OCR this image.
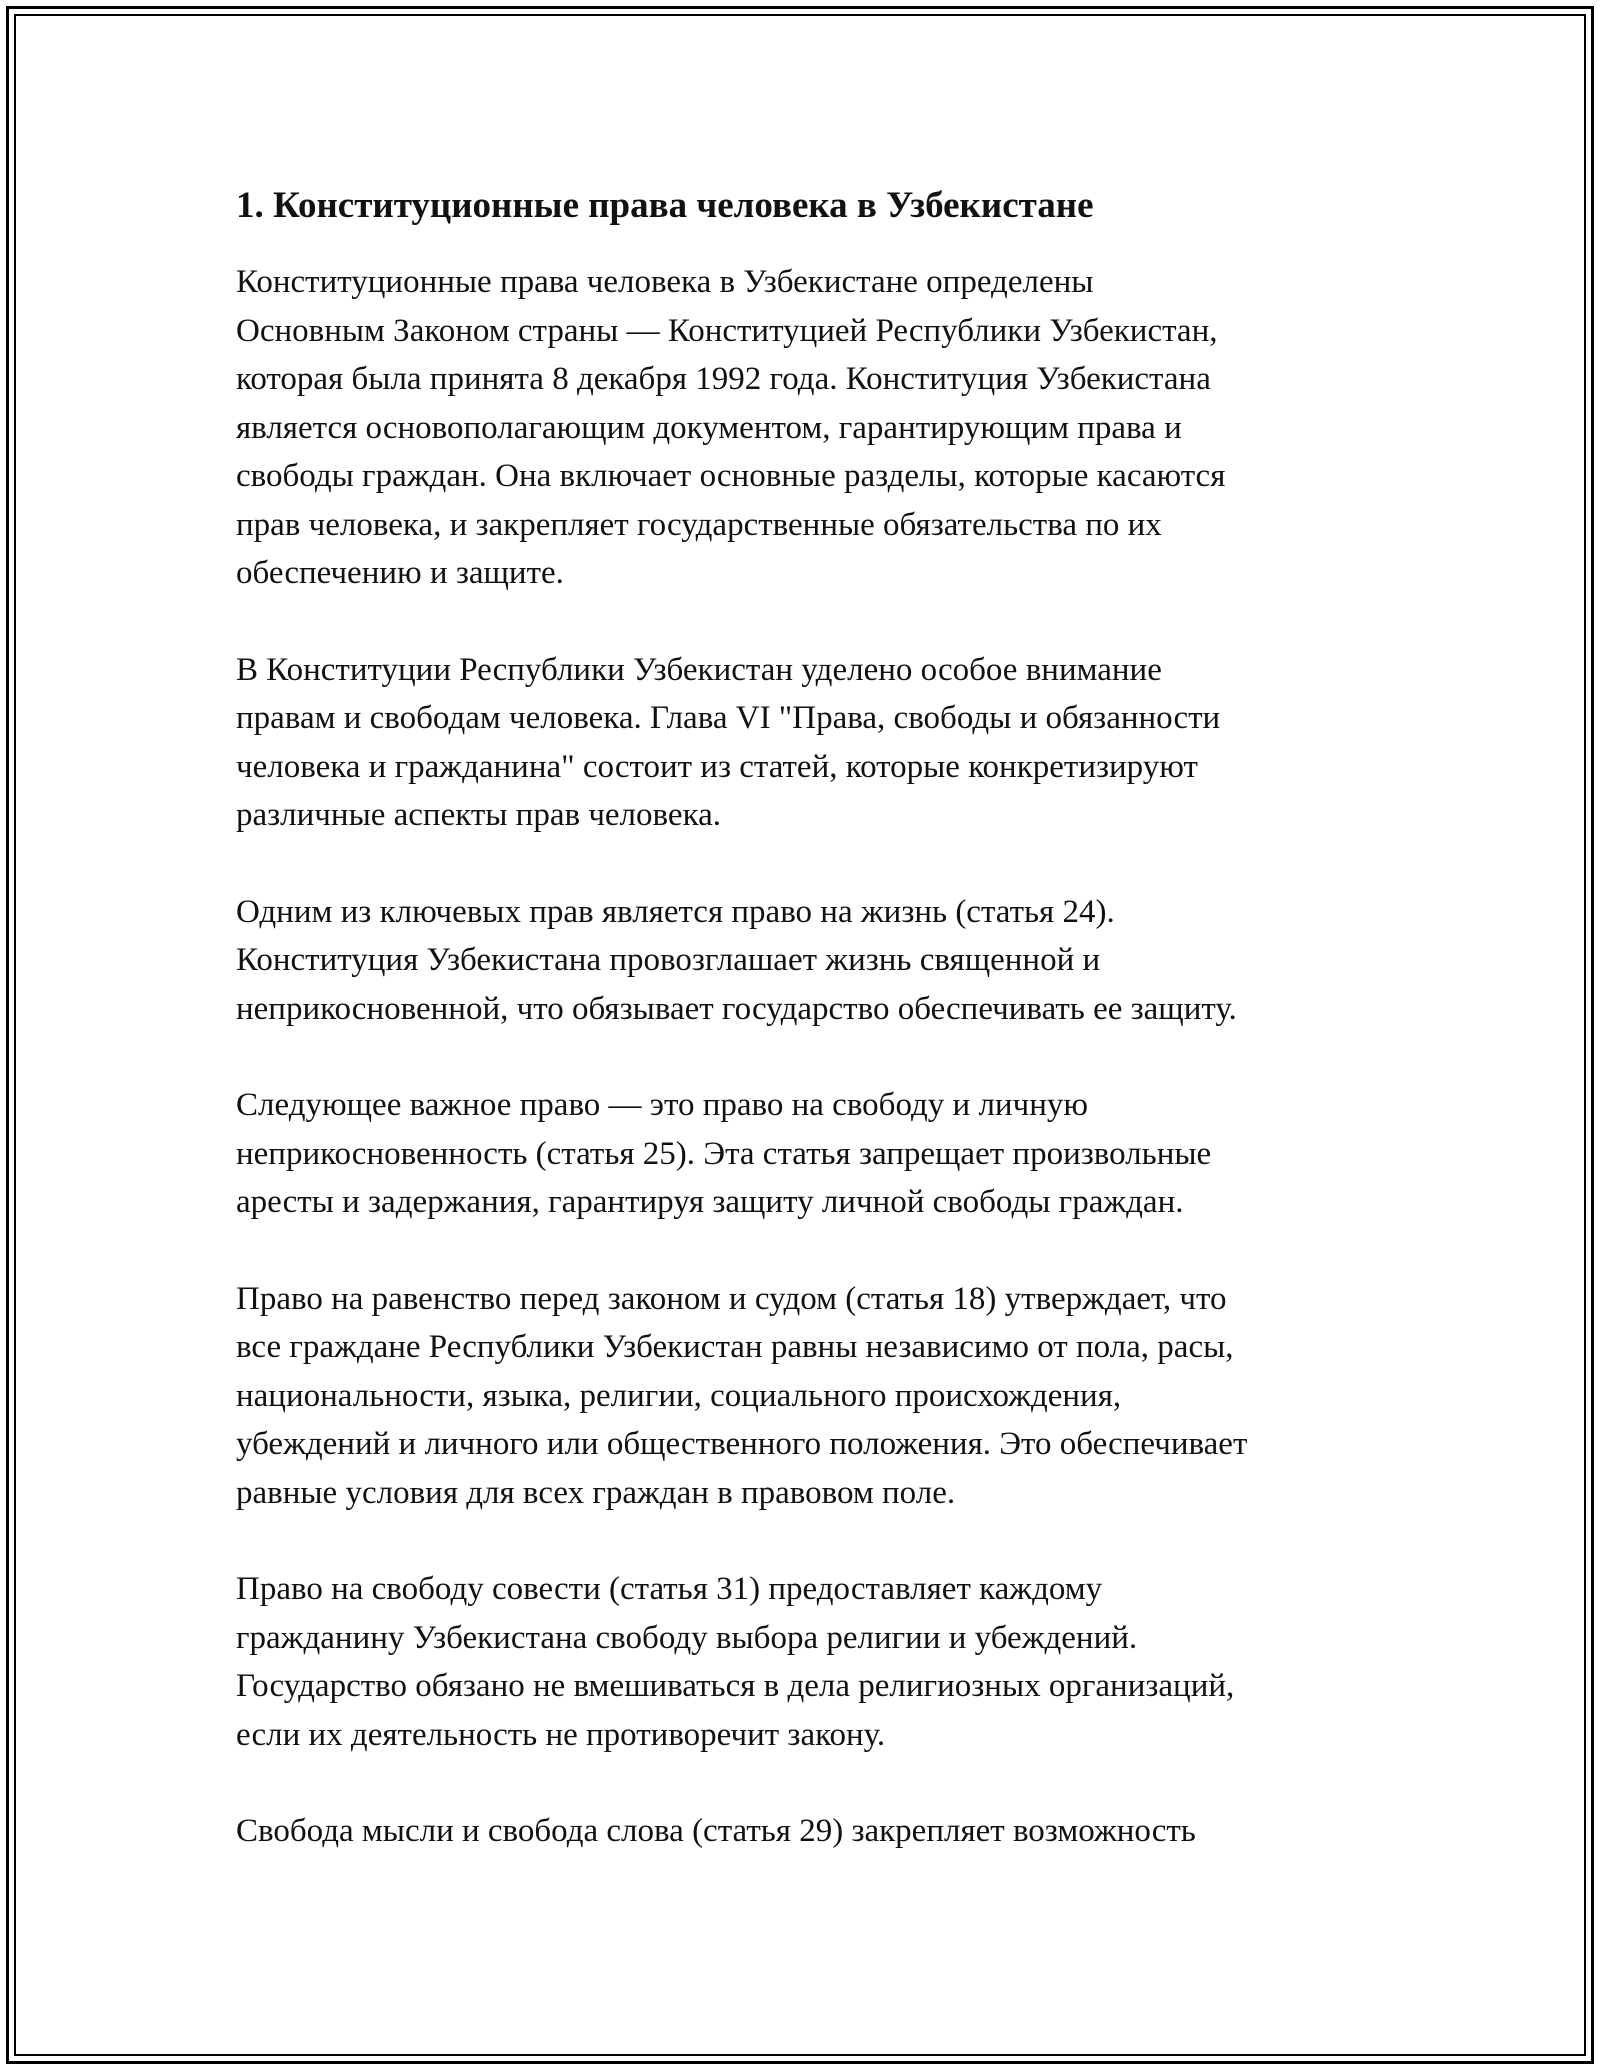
1. Конституционные права человека в Узбекистане

Конституционные права человека в Узбекистане определены
Основным Законом страны — Конституцией Республики Узбекистан,
которая была принята 8 декабря 1992 года. Конституция Узбекистана
является основополагающим документом, гарантирующим права и
свободы граждан. Она включает основные разделы, которые касаются
прав человека, и закрепляет государственные обязательства по их
обеспечению и защите.

В Конституции Республики Узбекистан уделено особое внимание
правам и свободам человека. Глава VI "Права, свободы и обязанности
человека и гражданина" состоит из статей, которые конкретизируют
различные аспекты прав человека.

Одним из ключевых прав является право на жизнь (статья 24).
Конституция Узбекистана провозглашает жизнь священной и
неприкосновенной, что обязывает государство обеспечивать ее защиту.

Следующее важное право — это право на свободу и личную
неприкосновенность (статья 25). Эта статья запрещает произвольные
аресты и задержания, гарантируя защиту личной свободы граждан.

Право на равенство перед законом и судом (статья 18) утверждает, что
все граждане Республики Узбекистан равны независимо от пола, расы,
национальности, языка, религии, социального происхождения,
убеждений и личного или общественного положения. Это обеспечивает
равные условия для всех граждан в правовом поле.

Право на свободу совести (статья 31) предоставляет каждому
гражданину Узбекистана свободу выбора религии и убеждений.
Государство обязано не вмешиваться в дела религиозных организаций,
если их деятельность не противоречит закону.

Свобода мысли и свобода слова (статья 29) закрепляет возможность
